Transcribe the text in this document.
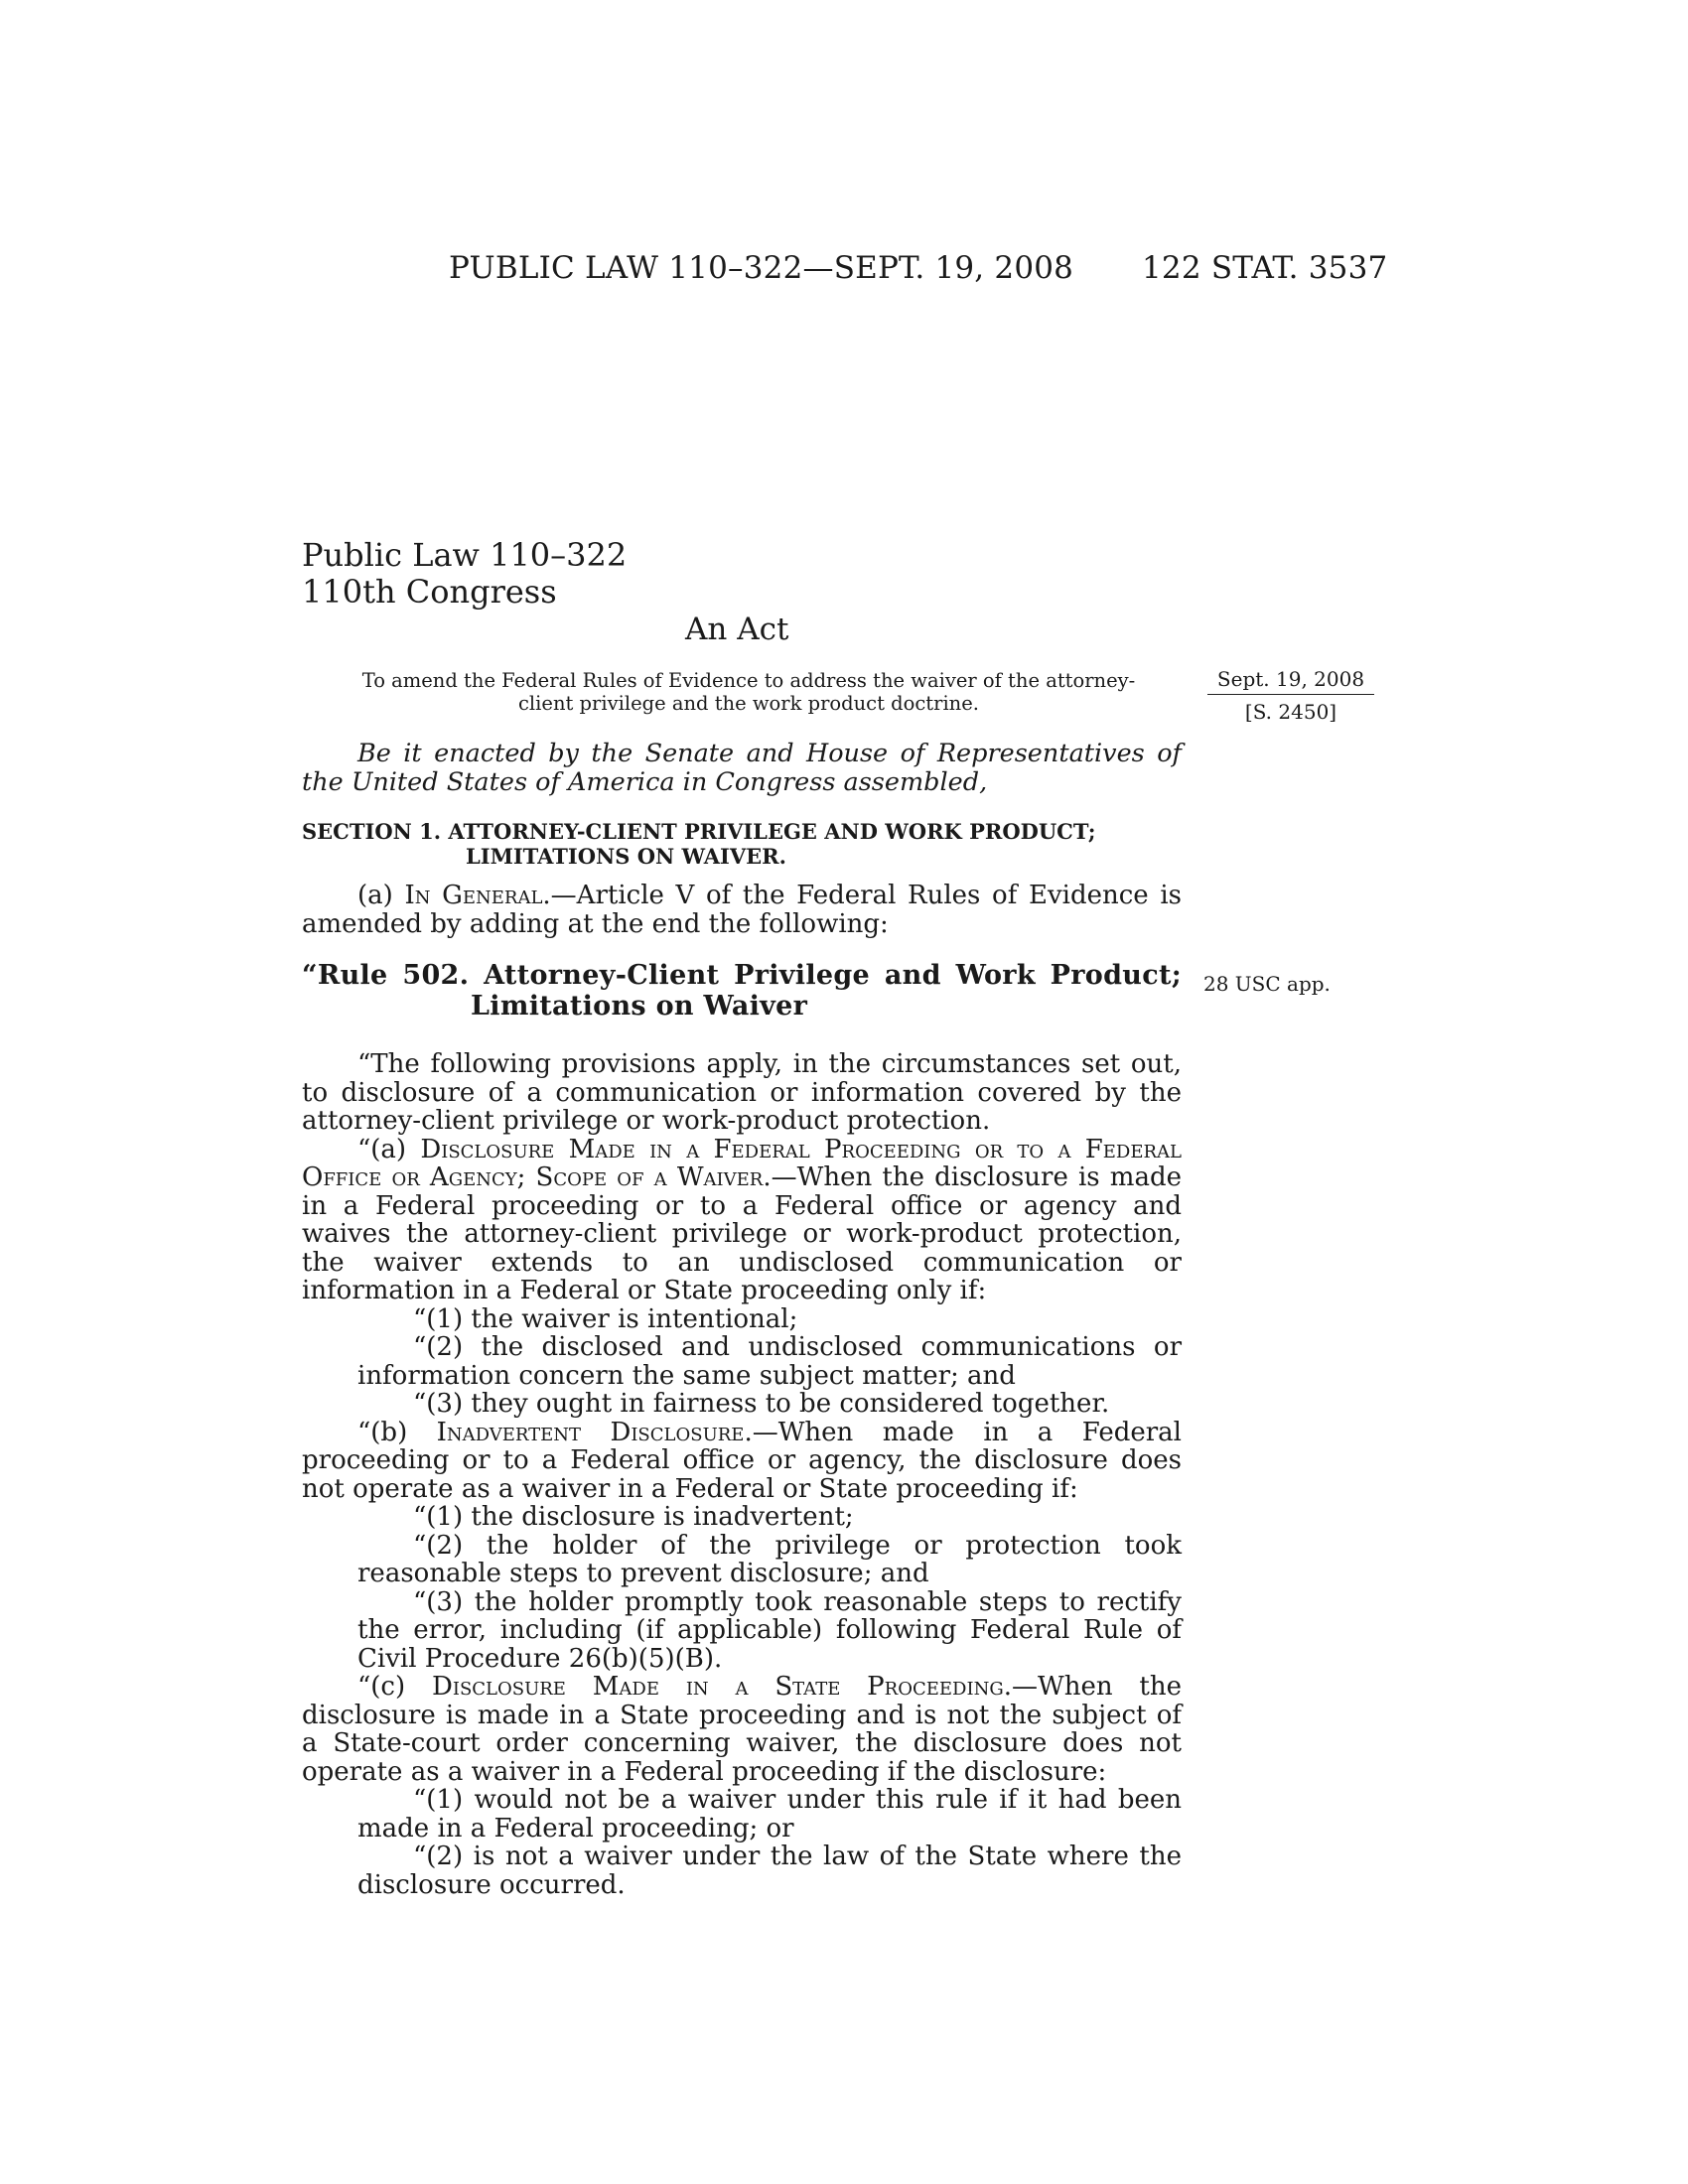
PUBLIC LAW 110–322—SEPT. 19, 2008 122 STAT. 3537
Public Law 110–322
110th Congress
An Act
To amend the Federal Rules of Evidence to address the waiver of the attorney-client privilege and the work product doctrine.
Sept. 19, 2008
[S. 2450]
28 USC app.

Be it enacted by the Senate and House of Representatives of the United States of America in Congress assembled,

SECTION 1. ATTORNEY-CLIENT PRIVILEGE AND WORK PRODUCT;
LIMITATIONS ON WAIVER.

(a) In General.—Article V of the Federal Rules of Evidence is amended by adding at the end the following:

“Rule 502. Attorney-Client Privilege and Work Product;
Limitations on Waiver

“The following provisions apply, in the circumstances set out, to disclosure of a communication or information covered by the attorney-client privilege or work-product protection.

“(a) Disclosure Made in a Federal Proceeding or to a Federal Office or Agency; Scope of a Waiver.—When the disclosure is made in a Federal proceeding or to a Federal office or agency and waives the attorney-client privilege or work-product protection, the waiver extends to an undisclosed communication or information in a Federal or State proceeding only if:

“(1) the waiver is intentional;

“(2) the disclosed and undisclosed communications or information concern the same subject matter; and

“(3) they ought in fairness to be considered together.

“(b) Inadvertent Disclosure.—When made in a Federal proceeding or to a Federal office or agency, the disclosure does not operate as a waiver in a Federal or State proceeding if:

“(1) the disclosure is inadvertent;

“(2) the holder of the privilege or protection took reasonable steps to prevent disclosure; and

“(3) the holder promptly took reasonable steps to rectify the error, including (if applicable) following Federal Rule of Civil Procedure 26(b)(5)(B).

“(c) Disclosure Made in a State Proceeding.—When the disclosure is made in a State proceeding and is not the subject of a State-court order concerning waiver, the disclosure does not operate as a waiver in a Federal proceeding if the disclosure:

“(1) would not be a waiver under this rule if it had been made in a Federal proceeding; or

“(2) is not a waiver under the law of the State where the disclosure occurred.
